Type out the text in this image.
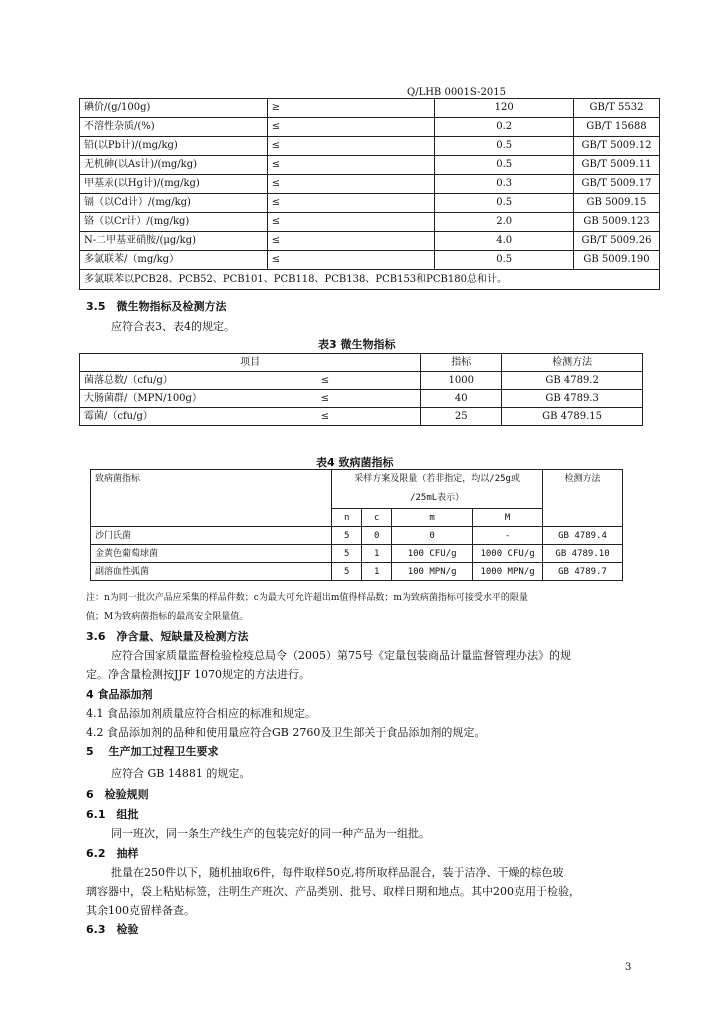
Q/LHB 0001S-2015
碘价/(g/100g)	≥	120	GB/T 5532
不溶性杂质/(%)	≤	0.2	GB/T 15688
铅(以Pb计)/(mg/kg)	≤	0.5	GB/T 5009.12
无机砷(以As计)/(mg/kg)	≤	0.5	GB/T 5009.11
甲基汞(以Hg计)/(mg/kg)	≤	0.3	GB/T 5009.17
镉（以Cd计）/(mg/kg)	≤	0.5	GB 5009.15
铬（以Cr计）/(mg/kg)	≤	2.0	GB 5009.123
N-二甲基亚硝胺/(μg/kg)	≤	4.0	GB/T 5009.26
多氯联苯/（mg/kg）	≤	0.5	GB 5009.190
多氯联苯以PCB28、PCB52、PCB101、PCB118、PCB138、PCB153和PCB180总和计。			
3.5　微生物指标及检测方法
应符合表3、表4的规定。
表3 微生物指标
项目		指标	检测方法
菌落总数/（cfu/g）	≤	1000	GB 4789.2
大肠菌群/（MPN/100g）	≤	40	GB 4789.3
霉菌/（cfu/g）	≤	25	GB 4789.15
表4 致病菌指标
致病菌指标	采样方案及限量（若非指定，均以/25g或
/25mL表示）				检测方法
	n	c	m	M	
沙门氏菌	5	0	0	-	GB 4789.4
金黄色葡萄球菌	5	1	100 CFU/g	1000 CFU/g	GB 4789.10
副溶血性弧菌	5	1	100 MPN/g	1000 MPN/g	GB 4789.7
注：n为同一批次产品应采集的样品件数；c为最大可允许超出m值得样品数；m为致病菌指标可接受水平的限量
值；M为致病菌指标的最高安全限量值。
3.6　净含量、短缺量及检测方法
应符合国家质量监督检验检疫总局令（2005）第75号《定量包装商品计量监督管理办法》的规
定。净含量检测按JJF 1070规定的方法进行。
4 食品添加剂
4.1 食品添加剂质量应符合相应的标准和规定。
4.2 食品添加剂的品种和使用量应符合GB 2760及卫生部关于食品添加剂的规定。
5　 生产加工过程卫生要求
应符合 GB 14881 的规定。
6　检验规则
6.1　组批
同一班次，同一条生产线生产的包装完好的同一种产品为一组批。
6.2　抽样
批量在250件以下，随机抽取6件，每件取样50克,将所取样品混合，装于洁净、干燥的棕色玻
璃容器中，袋上粘贴标签，注明生产班次、产品类别、批号、取样日期和地点。其中200克用于检验，
其余100克留样备查。
6.3　检验
3
